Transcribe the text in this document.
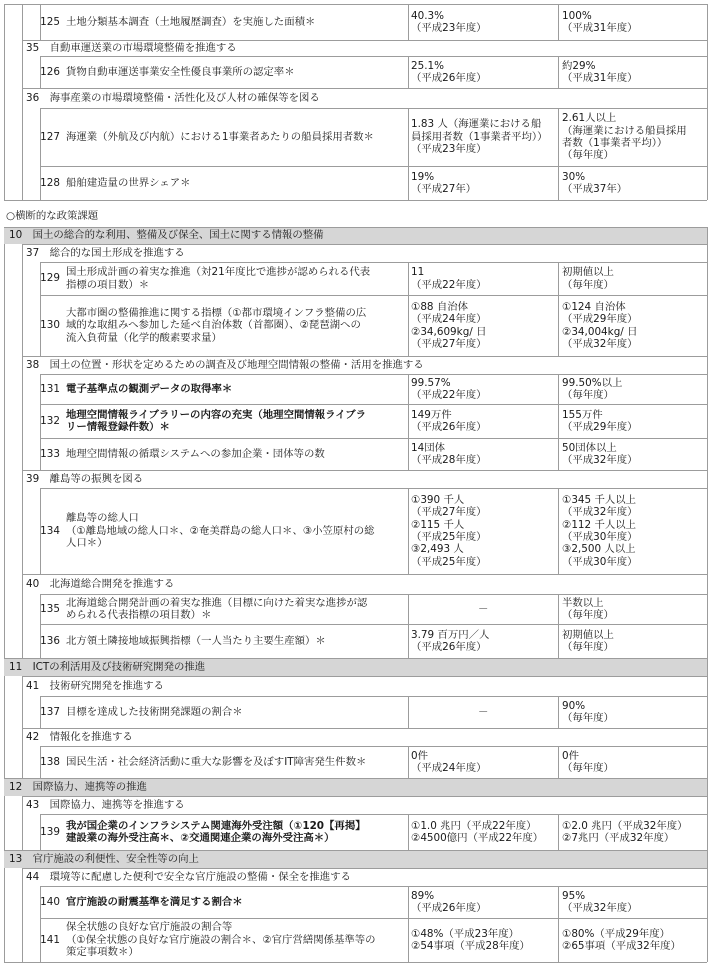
○横断的な政策課題
125 土地分類基本調査（土地履歴調査）を実施した面積＊
40.3%
（平成23年度）
100%
（平成31年度）
35　自動車運送業の市場環境整備を推進する
126 貨物自動車運送事業安全性優良事業所の認定率＊
25.1%
（平成26年度）
約29%
（平成31年度）
36　海事産業の市場環境整備・活性化及び人材の確保等を図る
127 海運業（外航及び内航）における1事業者あたりの船員採用者数＊
1.83 人（海運業における船
員採用者数（1事業者平均））
（平成23年度）
2.61人以上
（海運業における船員採用
者数（1事業者平均））
（毎年度）
128 船舶建造量の世界シェア＊
19%
（平成27年）
30%
（平成37年）
10　国土の総合的な利用、整備及び保全、国土に関する情報の整備
37　総合的な国土形成を推進する
129
国土形成計画の着実な推進（対21年度比で進捗が認められる代表
指標の項目数）＊
11
（平成22年度）
初期値以上
（毎年度）
130
大都市圏の整備推進に関する指標（①都市環境インフラ整備の広
域的な取組みへ参加した延べ自治体数（首都圏）、②琵琶湖への
流入負荷量（化学的酸素要求量）
①88 自治体
（平成24年度）
②34,609kg/ 日
（平成27年度）
①124 自治体
（平成29年度）
②34,004kg/ 日
（平成32年度）
38　国土の位置・形状を定めるための調査及び地理空間情報の整備・活用を推進する
131 電子基準点の観測データの取得率＊
99.57%
（平成22年度）
99.50%以上
（毎年度）
132
地理空間情報ライブラリーの内容の充実（地理空間情報ライブラ
リー情報登録件数）＊
149万件
（平成26年度）
155万件
（平成29年度）
133 地理空間情報の循環システムへの参加企業・団体等の数
14団体
（平成28年度）
50団体以上
（平成32年度）
39　離島等の振興を図る
134
離島等の総人口
（①離島地域の総人口＊、②奄美群島の総人口＊、③小笠原村の総
人口＊）
①390 千人
（平成27年度）
②115 千人
（平成25年度）
③2,493 人
（平成25年度）
①345 千人以上
（平成32年度）
②112 千人以上
（平成30年度）
③2,500 人以上
（平成30年度）
40　北海道総合開発を推進する
135
北海道総合開発計画の着実な推進（目標に向けた着実な進捗が認
められる代表指標の項目数）＊
－
半数以上
（毎年度）
136 北方領土隣接地域振興指標（一人当たり主要生産額）＊
3.79 百万円／人
（平成26年度）
初期値以上
（毎年度）
11　ICTの利活用及び技術研究開発の推進
41　技術研究開発を推進する
137 目標を達成した技術開発課題の割合＊	－
90%
（毎年度）
42　情報化を推進する
138 国民生活・社会経済活動に重大な影響を及ぼすIT障害発生件数＊
0件
（平成24年度）
0件
（毎年度）
12　国際協力、連携等の推進
43　国際協力、連携等を推進する
139
我が国企業のインフラシステム関連海外受注額（①120【再掲】
建設業の海外受注高＊、②交通関連企業の海外受注高＊）
①1.0 兆円（平成22年度）
②4500億円（平成22年度）
①2.0 兆円（平成32年度）
②7兆円（平成32年度）
13　官庁施設の利便性、安全性等の向上
44　環境等に配慮した便利で安全な官庁施設の整備・保全を推進する
140 官庁施設の耐震基準を満足する割合＊
89%
（平成26年度）
95%
（平成32年度）
141
保全状態の良好な官庁施設の割合等
（①保全状態の良好な官庁施設の割合＊、②官庁営繕関係基準等の
策定事項数＊）
①48%（平成23年度）
②54事項（平成28年度）
①80%（平成29年度）
②65事項（平成32年度）
